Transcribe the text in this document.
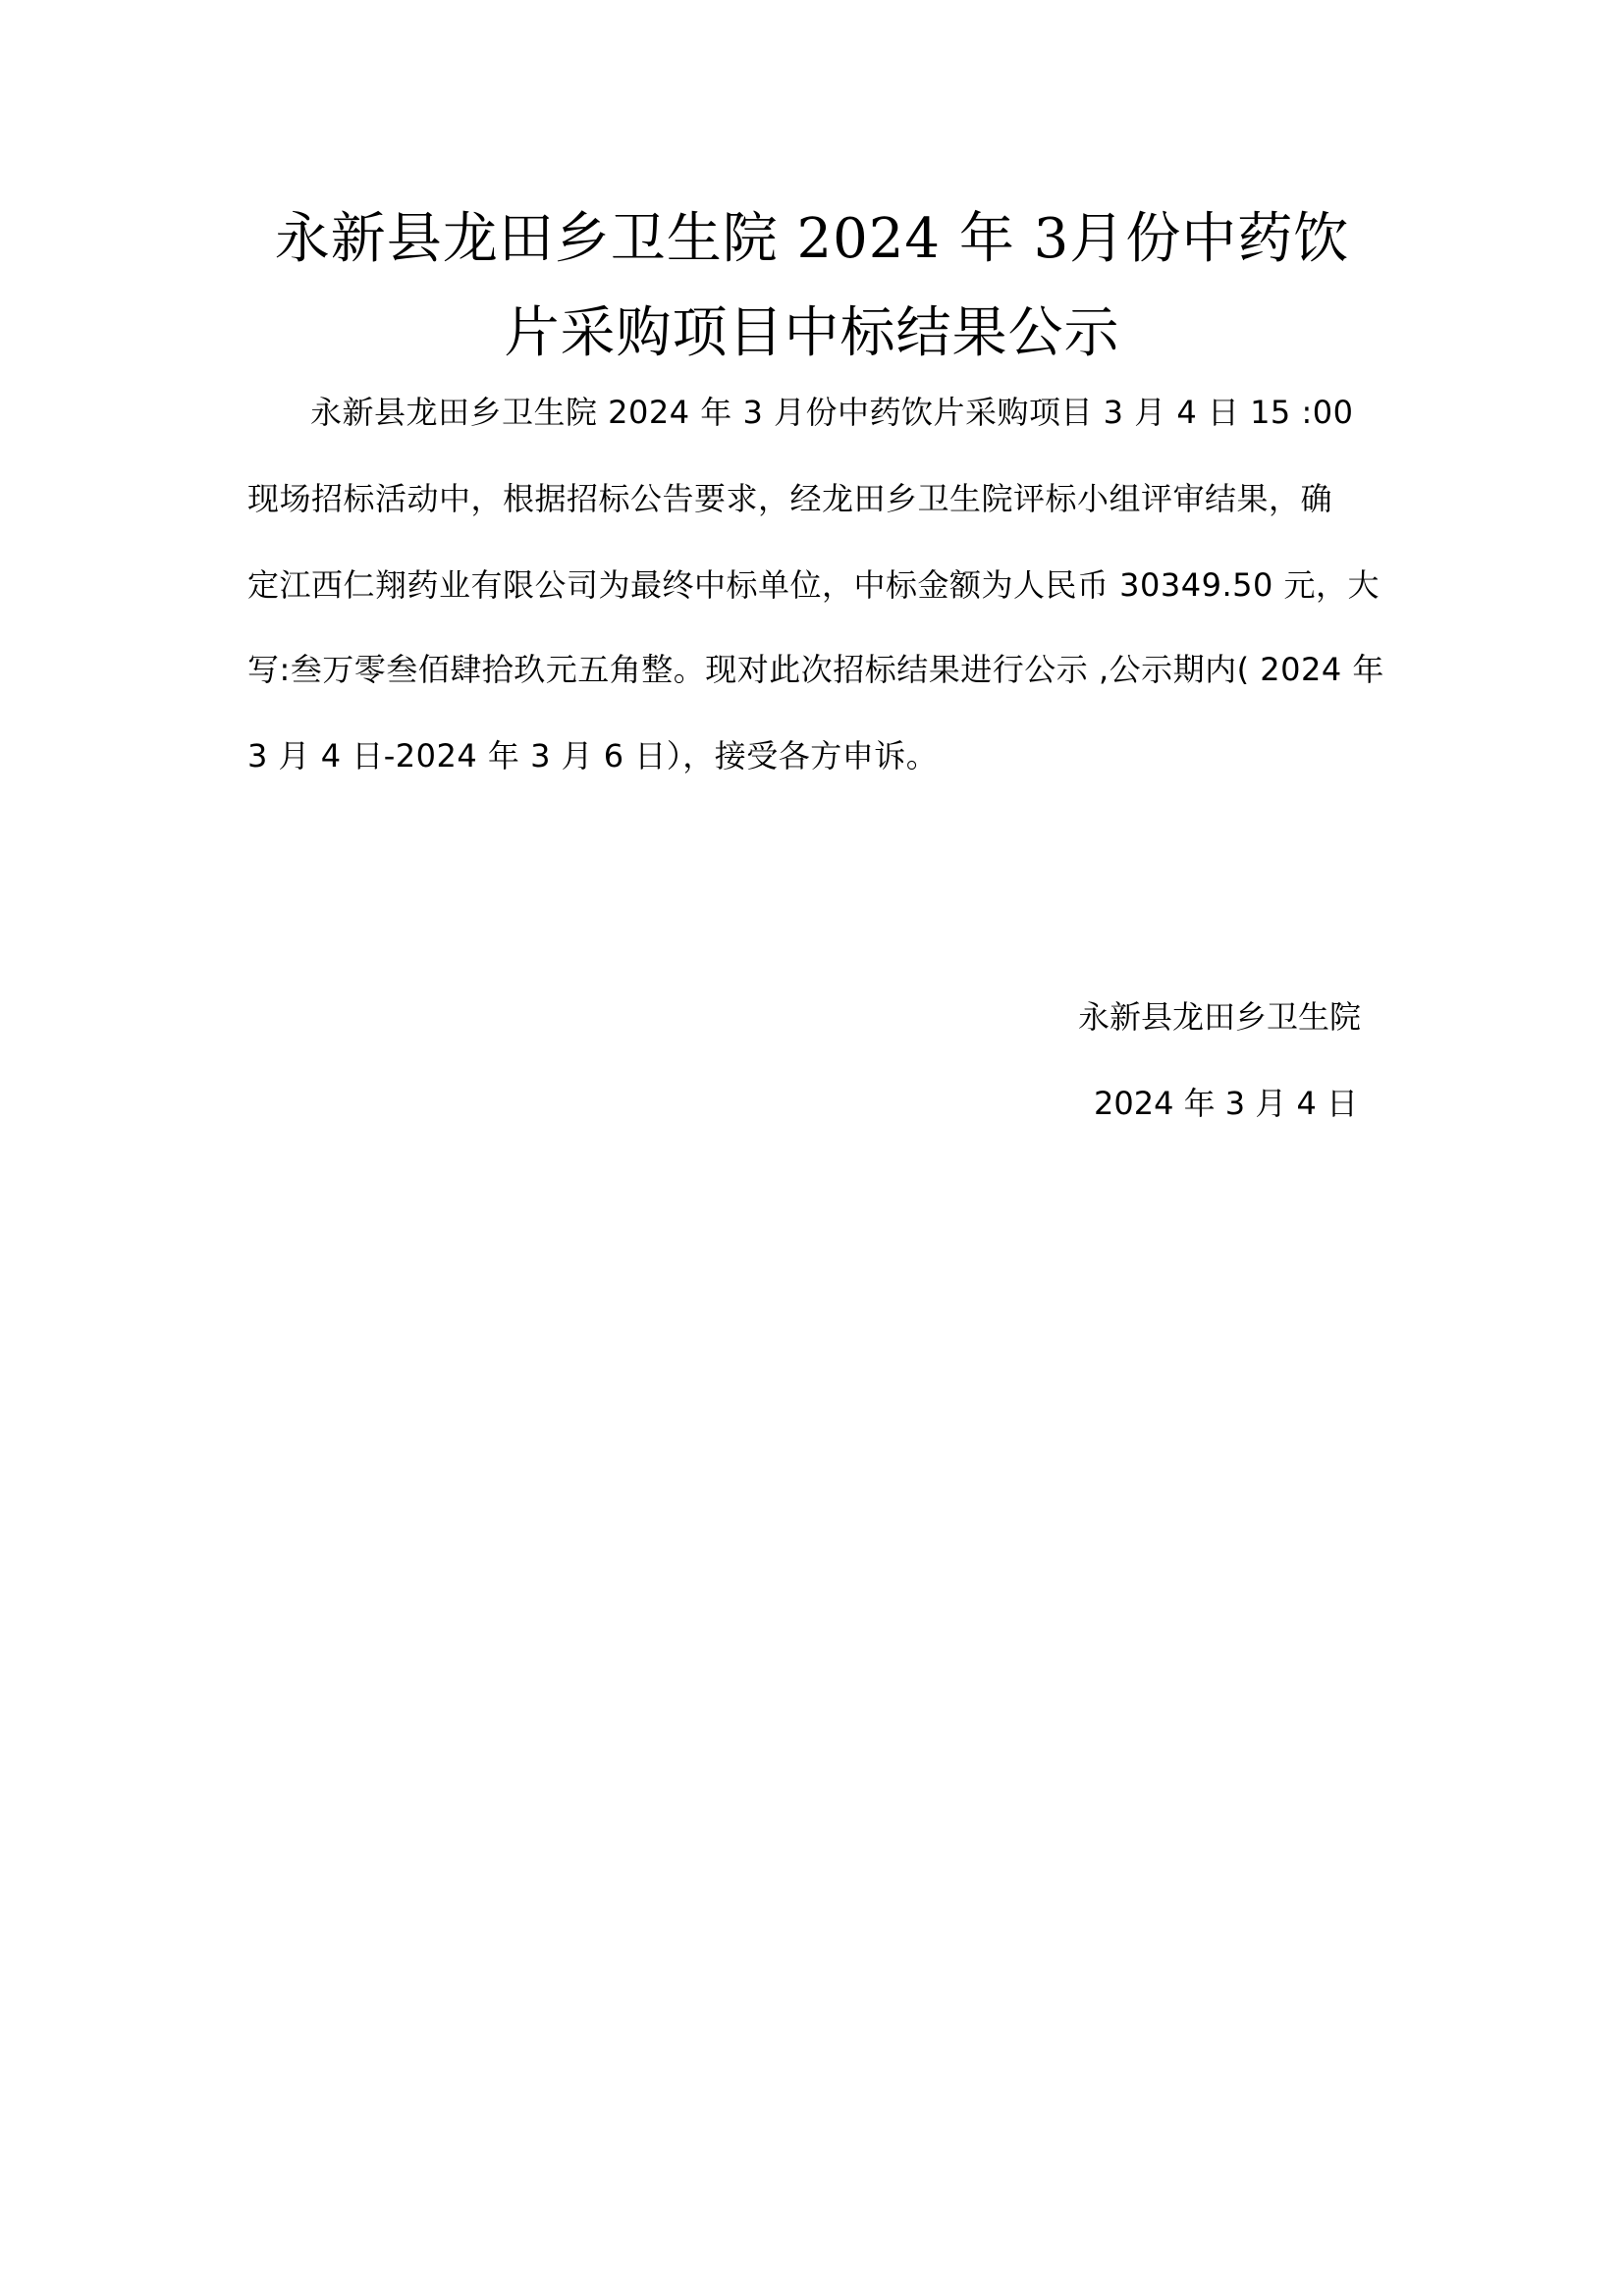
永新县龙田乡卫生院 2024 年 3月份中药饮
片采购项目中标结果公示
永新县龙田乡卫生院 2024 年 3 月份中药饮片采购项目 3 月 4 日 15 :00
现场招标活动中，根据招标公告要求，经龙田乡卫生院评标小组评审结果，确
定江西仁翔药业有限公司为最终中标单位，中标金额为人民币 30349.50 元，大
写:叁万零叁佰肆拾玖元五角整。现对此次招标结果进行公示 ,公示期内( 2024 年
3 月 4 日-2024 年 3 月 6 日），接受各方申诉。
永新县龙田乡卫生院
2024 年 3 月 4 日
